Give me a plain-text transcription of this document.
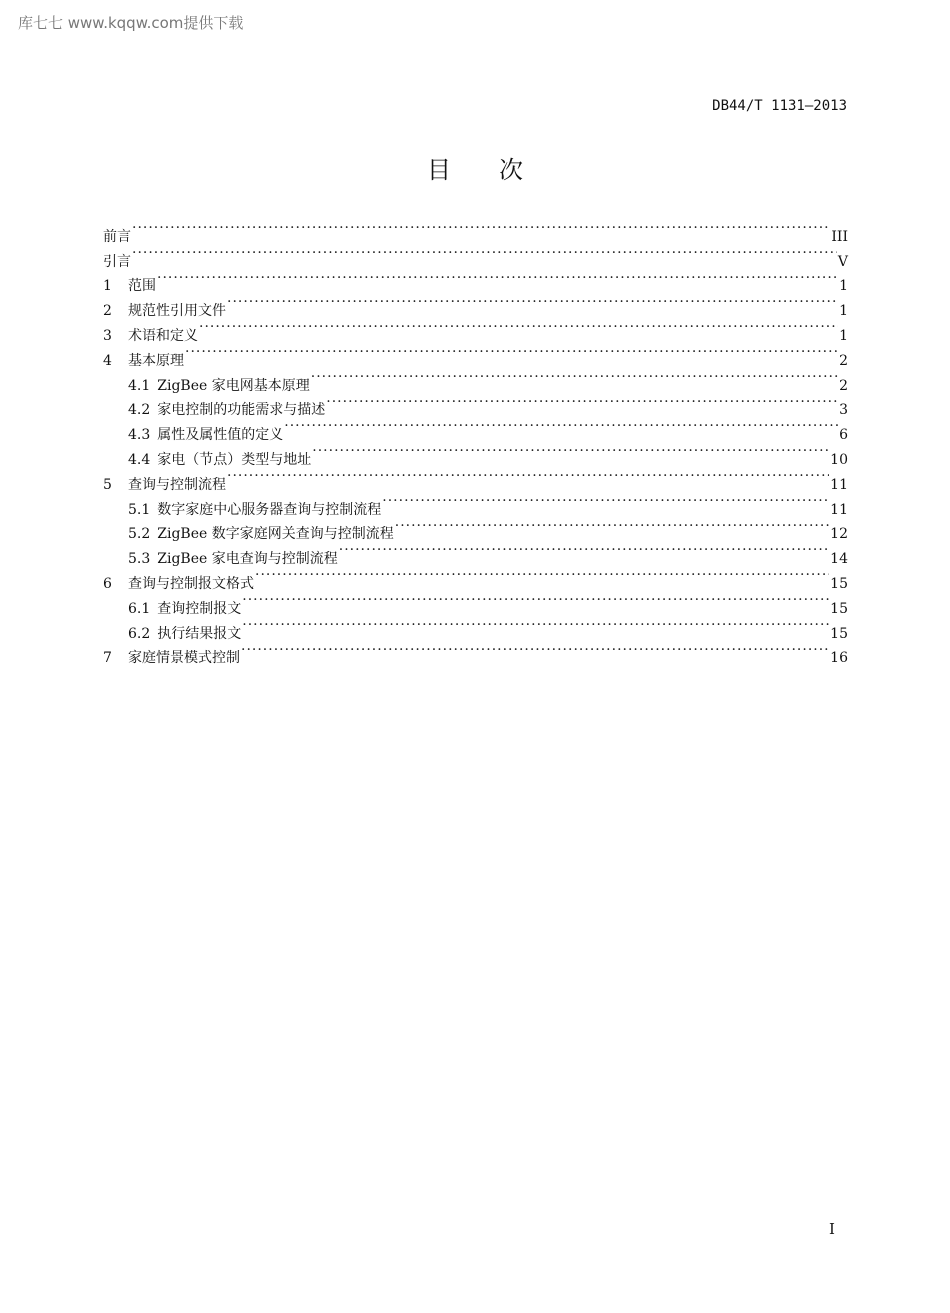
库七七 www.kqqw.com提供下载
DB44/T 1131—2013
目次
前言 ·····	III
引言 ·····	V
1	范围 ·····	1
2	规范性引用文件 ·····	1
3	术语和定义 ·····	1
4	基本原理 ·····	2
4.1 ZigBee 家电网基本原理 ·····	2
4.2 家电控制的功能需求与描述 ·····	3
4.3 属性及属性值的定义 ·····	6
4.4 家电（节点）类型与地址 ·····	10
5	查询与控制流程 ·····	11
5.1 数字家庭中心服务器查询与控制流程 ·····	11
5.2 ZigBee 数字家庭网关查询与控制流程 ·····	12
5.3 ZigBee 家电查询与控制流程 ·····	14
6	查询与控制报文格式 ·····	15
6.1 查询控制报文 ·····	15
6.2 执行结果报文 ·····	15
7	家庭情景模式控制 ·····	16
I
